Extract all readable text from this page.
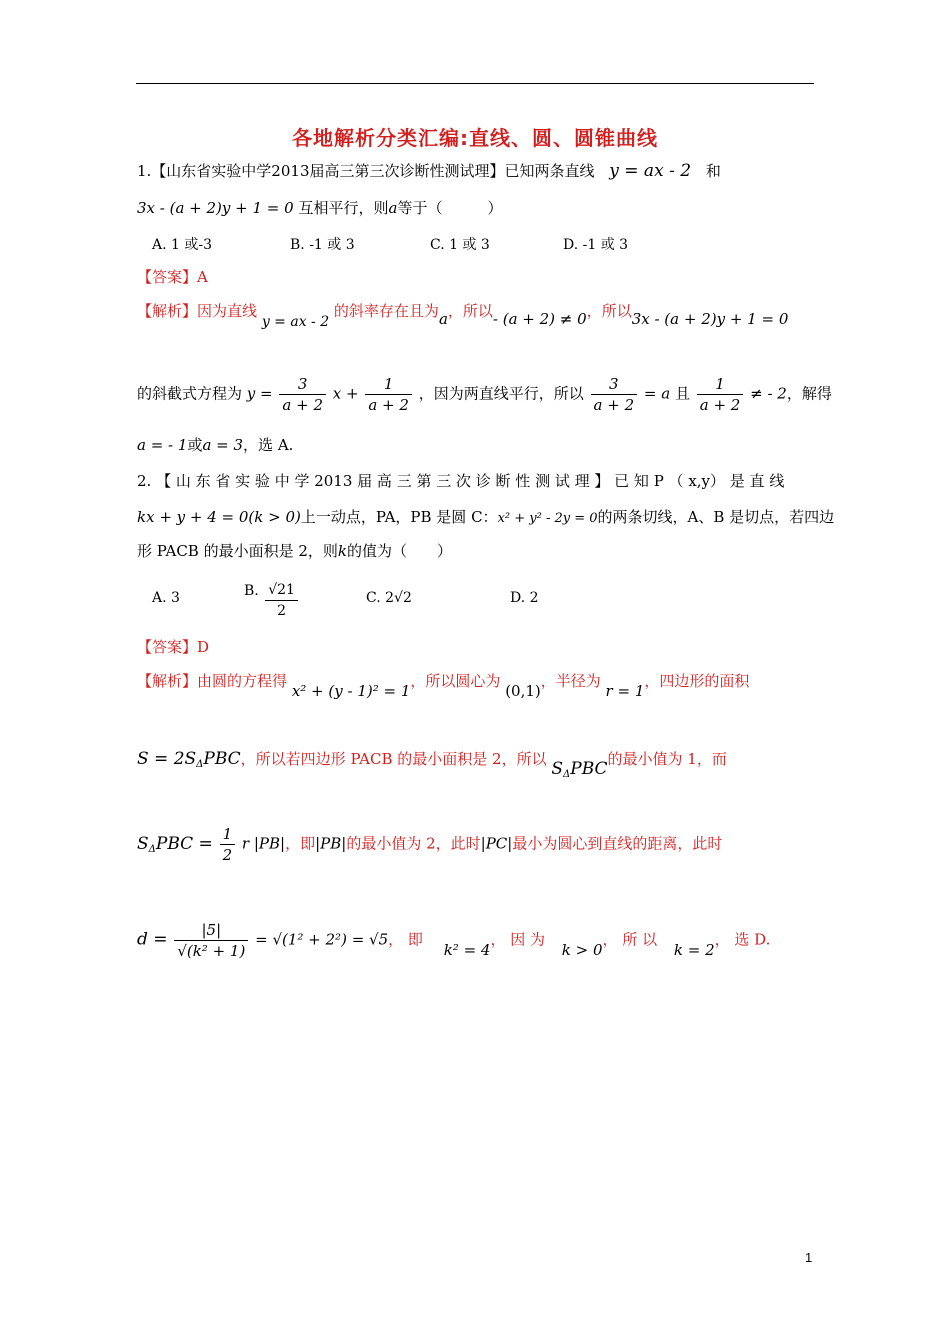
各地解析分类汇编:直线、圆、圆锥曲线
1.【山东省实验中学2013届高三第三次诊断性测试理】已知两条直线 y = ax - 2 和
3x - (a + 2)y + 1 = 0 互相平行，则a等于（　　　）
A. 1 或-3	B. -1 或 3	C. 1 或 3	D. -1 或 3
【答案】A
【解析】因为直线 y = ax - 2 的斜率存在且为a，所以- (a + 2) ≠ 0，所以3x - (a + 2)y + 1 = 0
的斜截式方程为 $y = \frac{3}{a + 2}$ $x + \frac{1}{a + 2}$ ，因为两直线平行，所以 $\frac{3}{a + 2} = a$ 且 $\frac{1}{a + 2}$ ≠ - 2，解得
a = - 1或a = 3，选 A.
2. 【 山 东 省 实 验 中 学 2013 届 高 三 第 三 次 诊 断 性 测 试 理 】 已 知 P （ x,y） 是 直 线
kx + y + 4 = 0(k > 0)上一动点，PA，PB 是圆 C：x² + y² - 2y = 0的两条切线，A、B 是切点，若四边
形 PACB 的最小面积是 2，则k的值为（　　）
A. 3	B. $\frac{√21}{2}$	C. 2√2	D. 2
【答案】D
【解析】由圆的方程得 x² + (y - 1)² = 1，所以圆心为 (0,1)，半径为 r = 1，四边形的面积
$S = 2S_\Delta PBC$，所以若四边形 PACB 的最小面积是 2，所以 $S_\Delta PBC$的最小值为 1，而
$S_\Delta PBC = \frac{1}{2}$ r |PB|，即|PB|的最小值为 2，此时|PC|最小为圆心到直线的距离，此时
$d = \frac{|5|}{\text{√(k² + 1)}} = √(1^2 + 2^2) = √5$， 即 k² = 4， 因 为 k > 0， 所 以 k = 2， 选 D.
1
